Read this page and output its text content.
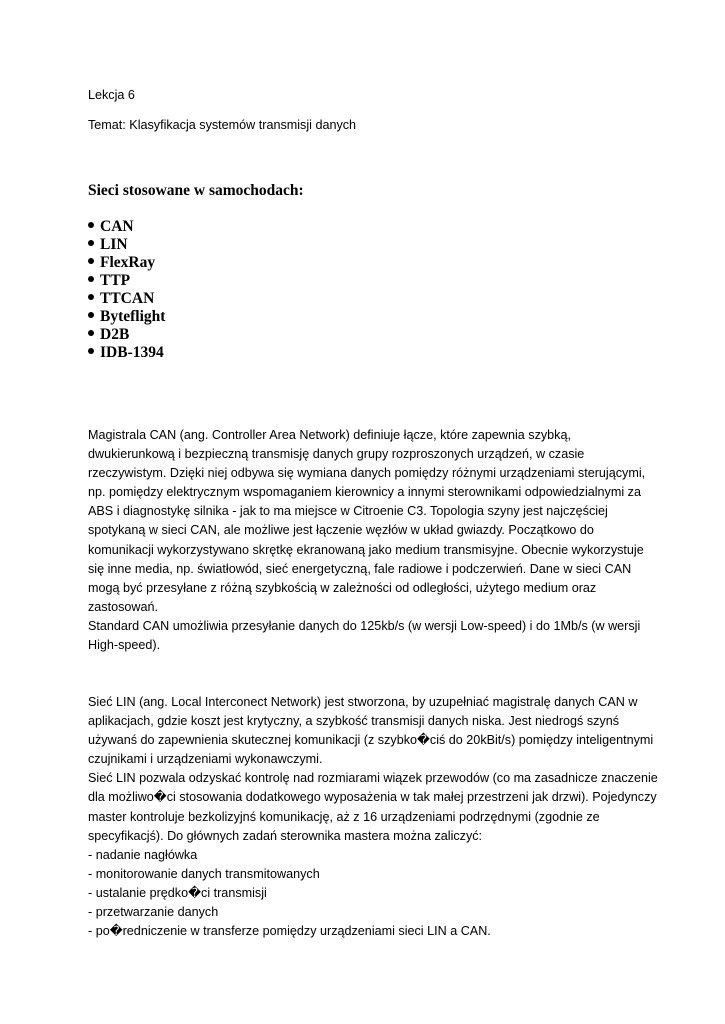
Lekcja 6
Temat: Klasyfikacja systemów transmisji danych
Sieci stosowane w samochodach:
CAN
LIN
FlexRay
TTP
TTCAN
Byteflight
D2B
IDB-1394
Magistrala CAN (ang. Controller Area Network) definiuje łącze, które zapewnia szybką,
dwukierunkową i bezpieczną transmisję danych grupy rozproszonych urządzeń, w czasie
rzeczywistym. Dzięki niej odbywa się wymiana danych pomiędzy różnymi urządzeniami sterującymi,
np. pomiędzy elektrycznym wspomaganiem kierownicy a innymi sterownikami odpowiedzialnymi za
ABS i diagnostykę silnika - jak to ma miejsce w Citroenie C3. Topologia szyny jest najczęściej
spotykaną w sieci CAN, ale możliwe jest łączenie węzłów w układ gwiazdy. Początkowo do
komunikacji wykorzystywano skrętkę ekranowaną jako medium transmisyjne. Obecnie wykorzystuje
się inne media, np. światłowód, sieć energetyczną, fale radiowe i podczerwień. Dane w sieci CAN
mogą być przesyłane z różną szybkością w zależności od odległości, użytego medium oraz
zastosowań.
Standard CAN umożliwia przesyłanie danych do 125kb/s (w wersji Low-speed) i do 1Mb/s (w wersji
High-speed).
Sieć LIN (ang. Local Interconect Network) jest stworzona, by uzupełniać magistralę danych CAN w
aplikacjach, gdzie koszt jest krytyczny, a szybkość transmisji danych niska. Jest niedrogś szynś
używanś do zapewnienia skutecznej komunikacji (z szybko�ciś do 20kBit/s) pomiędzy inteligentnymi
czujnikami i urządzeniami wykonawczymi.
Sieć LIN pozwala odzyskać kontrolę nad rozmiarami wiązek przewodów (co ma zasadnicze znaczenie
dla możliwo�ci stosowania dodatkowego wyposażenia w tak małej przestrzeni jak drzwi). Pojedynczy
master kontroluje bezkolizyjnś komunikację, aż z 16 urządzeniami podrzędnymi (zgodnie ze
specyfikacjś). Do głównych zadań sterownika mastera można zaliczyć:
- nadanie nagłówka
- monitorowanie danych transmitowanych
- ustalanie prędko�ci transmisji
- przetwarzanie danych
- po�redniczenie w transferze pomiędzy urządzeniami sieci LIN a CAN.
